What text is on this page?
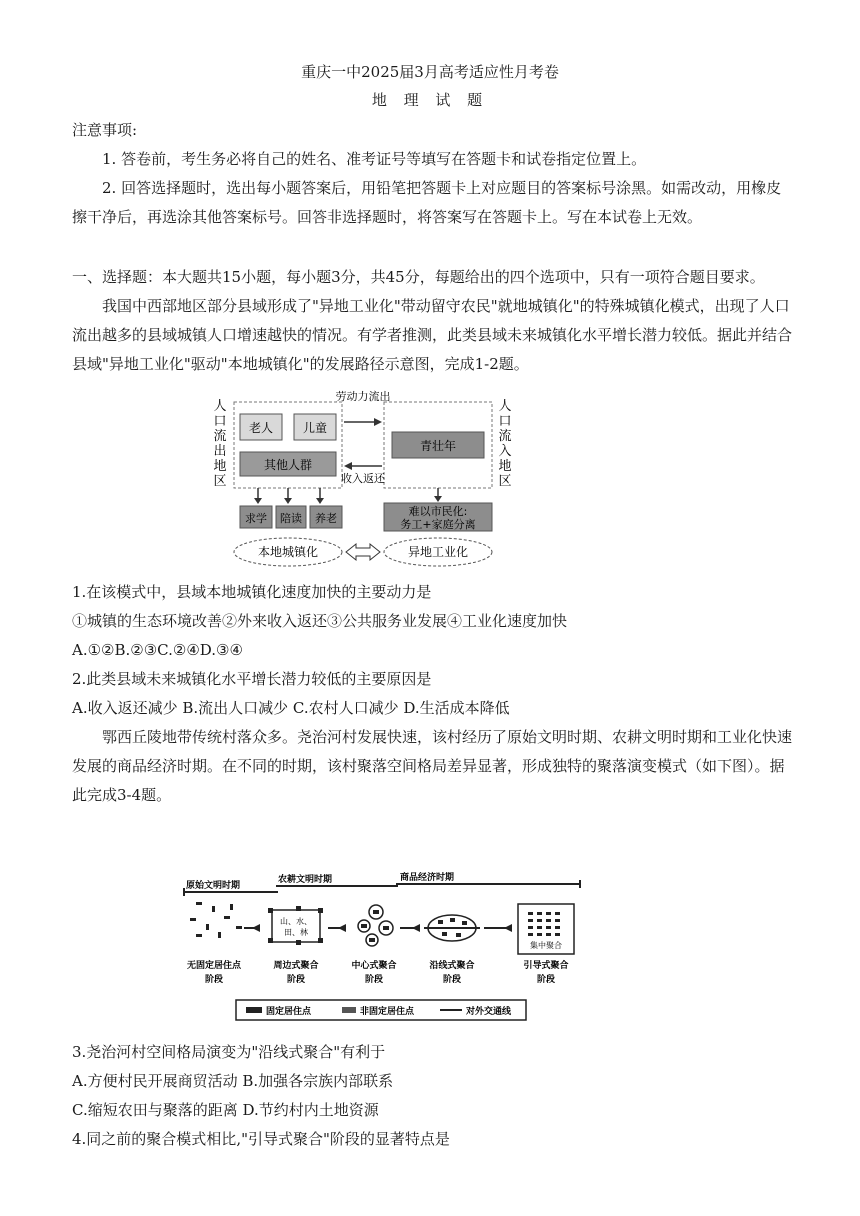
重庆一中2025届3月高考适应性月考卷
地 理 试 题

注意事项:

1. 答卷前，考生务必将自己的姓名、准考证号等填写在答题卡和试卷指定位置上。

2. 回答选择题时，选出每小题答案后，用铅笔把答题卡上对应题目的答案标号涂黑。如需改动，用橡皮擦干净后，再选涂其他答案标号。回答非选择题时，将答案写在答题卡上。写在本试卷上无效。

一、选择题：本大题共15小题，每小题3分，共45分，每题给出的四个选项中，只有一项符合题目要求。

我国中西部地区部分县域形成了"异地工业化"带动留守农民"就地城镇化"的特殊城镇化模式，出现了人口流出越多的县域城镇人口增速越快的情况。有学者推测，此类县域未来城镇化水平增长潜力较低。据此并结合县域"异地工业化"驱动"本地城镇化"的发展路径示意图，完成1-2题。

人口流出地区
人口流入地区
老人 儿童
其他人群
青壮年
劳动力流出
收入返还
求学 陪读 养老
难以市民化:
务工+家庭分离
本地城镇化	异地工业化

1.在该模式中，县域本地城镇化速度加快的主要动力是

①城镇的生态环境改善②外来收入返还③公共服务业发展④工业化速度加快

A.①②B.②③C.②④D.③④

2.此类县域未来城镇化水平增长潜力较低的主要原因是

A.收入返还减少 B.流出人口减少 C.农村人口减少 D.生活成本降低

鄂西丘陵地带传统村落众多。尧治河村发展快速，该村经历了原始文明时期、农耕文明时期和工业化快速发展的商品经济时期。在不同的时期，该村聚落空间格局差异显著，形成独特的聚落演变模式（如下图）。据此完成3-4题。

原始文明时期
农耕文明时期	商品经济时期
山、水、
田、林
集中聚合
无固定居住点
阶段
周边式聚合
阶段
中心式聚合
阶段
沿线式聚合
阶段
引导式聚合
阶段
固定居住点	非固定居住点	对外交通线

3.尧治河村空间格局演变为"沿线式聚合"有利于

A.方便村民开展商贸活动 B.加强各宗族内部联系

C.缩短农田与聚落的距离 D.节约村内土地资源

4.同之前的聚合模式相比,"引导式聚合"阶段的显著特点是
